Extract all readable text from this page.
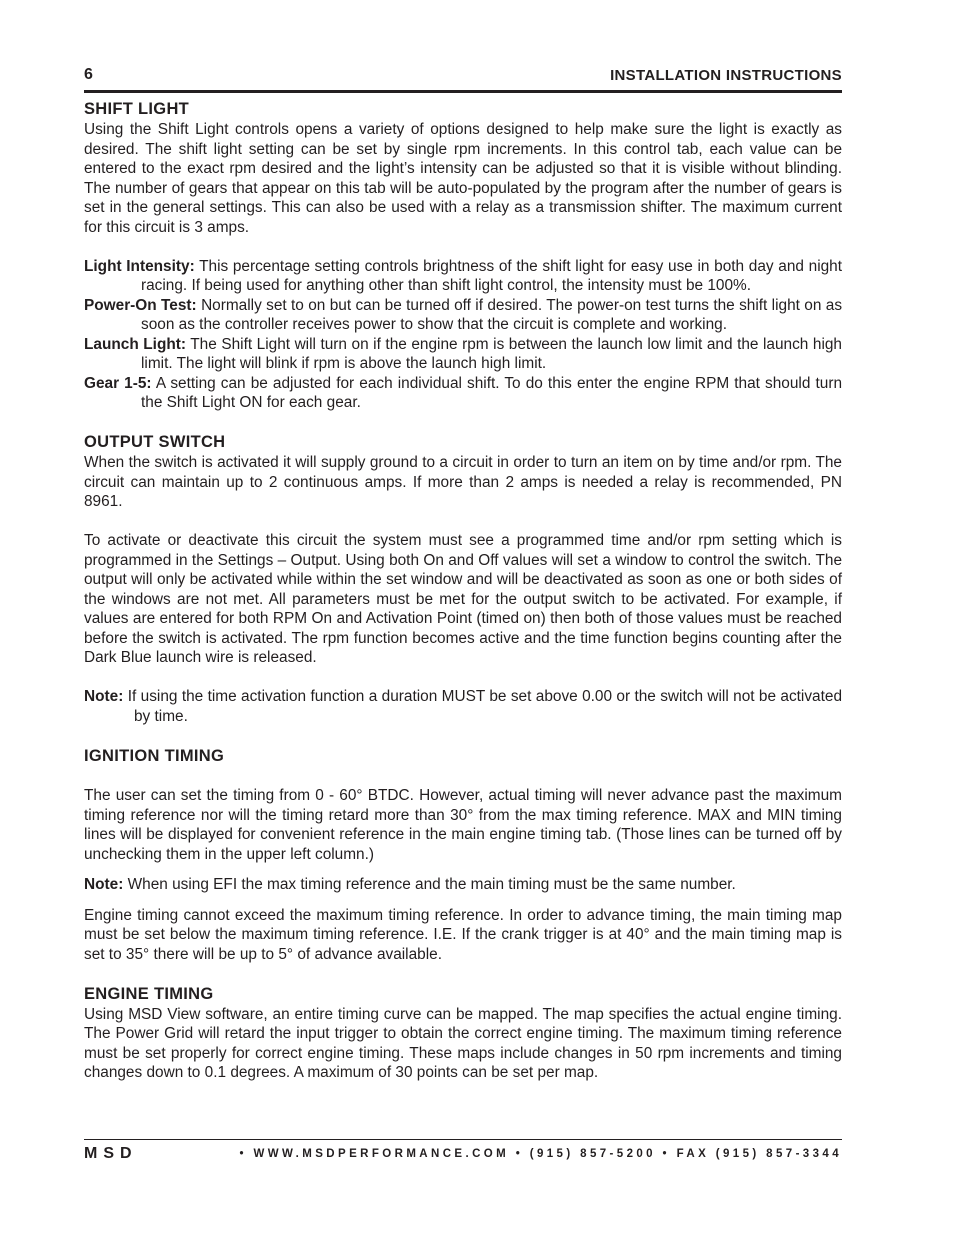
6	INSTALLATION INSTRUCTIONS
SHIFT LIGHT

Using the Shift Light controls opens a variety of options designed to help make sure the light is exactly as desired. The shift light setting can be set by single rpm increments. In this control tab, each value can be entered to the exact rpm desired and the light’s intensity can be adjusted so that it is visible without blinding. The number of gears that appear on this tab will be auto-populated by the program after the number of gears is set in the general settings. This can also be used with a relay as a transmission shifter. The maximum current for this circuit is 3 amps.

Light Intensity: This percentage setting controls brightness of the shift light for easy use in both day and night racing. If being used for anything other than shift light control, the intensity must be 100%.

Power-On Test: Normally set to on but can be turned off if desired. The power-on test turns the shift light on as soon as the controller receives power to show that the circuit is complete and working.

Launch Light: The Shift Light will turn on if the engine rpm is between the launch low limit and the launch high limit. The light will blink if rpm is above the launch high limit.

Gear 1-5: A setting can be adjusted for each individual shift. To do this enter the engine RPM that should turn the Shift Light ON for each gear.

OUTPUT SWITCH

When the switch is activated it will supply ground to a circuit in order to turn an item on by time and/or rpm. The circuit can maintain up to 2 continuous amps. If more than 2 amps is needed a relay is recommended, PN 8961.

To activate or deactivate this circuit the system must see a programmed time and/or rpm setting which is programmed in the Settings – Output. Using both On and Off values will set a window to control the switch. The output will only be activated while within the set window and will be deactivated as soon as one or both sides of the windows are not met. All parameters must be met for the output switch to be activated. For example, if values are entered for both RPM On and Activation Point (timed on) then both of those values must be reached before the switch is activated. The rpm function becomes active and the time function begins counting after the Dark Blue launch wire is released.

Note: If using the time activation function a duration MUST be set above 0.00 or the switch will not be activated by time.

IGNITION TIMING

The user can set the timing from 0 - 60° BTDC. However, actual timing will never advance past the maximum timing reference nor will the timing retard more than 30° from the max timing reference. MAX and MIN timing lines will be displayed for convenient reference in the main engine timing tab. (Those lines can be turned off by unchecking them in the upper left column.)

Note: When using EFI the max timing reference and the main timing must be the same number.

Engine timing cannot exceed the maximum timing reference. In order to advance timing, the main timing map must be set below the maximum timing reference. I.E. If the crank trigger is at 40° and the main timing map is set to 35° there will be up to 5° of advance available.

ENGINE TIMING

Using MSD View software, an entire timing curve can be mapped. The map specifies the actual engine timing. The Power Grid will retard the input trigger to obtain the correct engine timing. The maximum timing reference must be set properly for correct engine timing. These maps include changes in 50 rpm increments and timing changes down to 0.1 degrees. A maximum of 30 points can be set per map.

MSD	• WWW.MSDPERFORMANCE.COM • (915) 857-5200 • FAX (915) 857-3344
